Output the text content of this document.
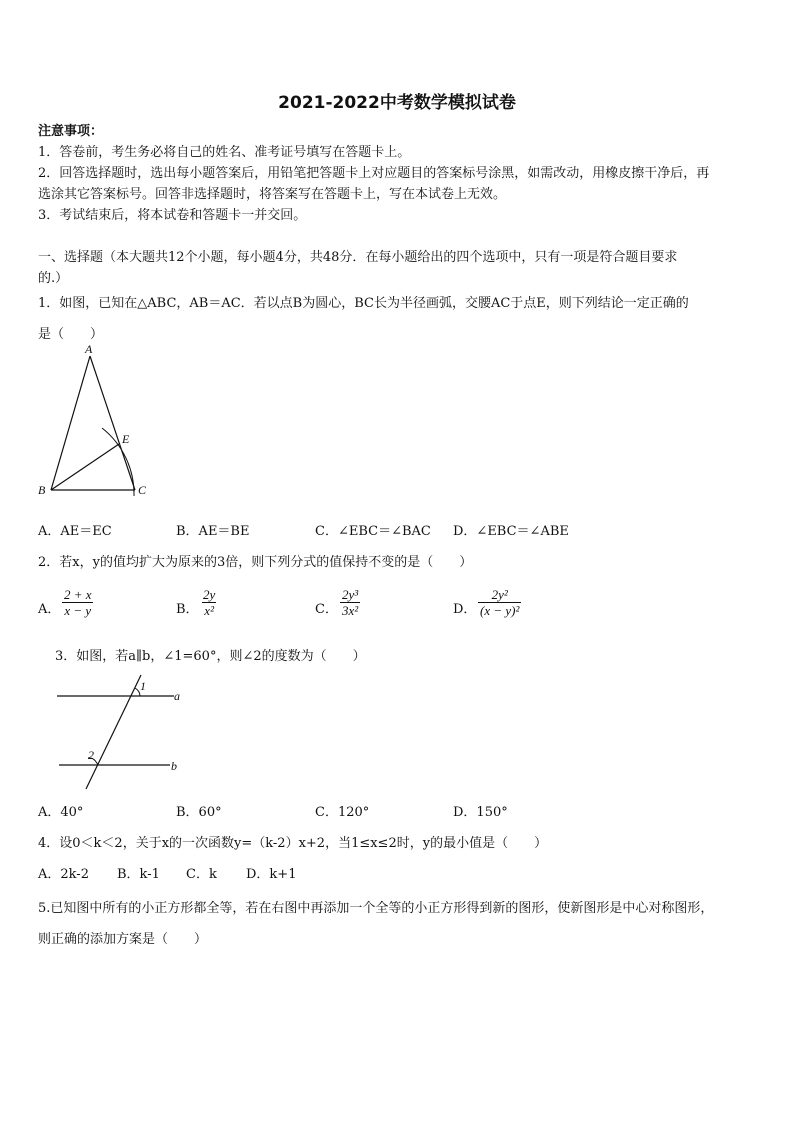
2021-2022中考数学模拟试卷
注意事项：
1．答卷前，考生务必将自己的姓名、准考证号填写在答题卡上。
2．回答选择题时，选出每小题答案后，用铅笔把答题卡上对应题目的答案标号涂黑，如需改动，用橡皮擦干净后，再
选涂其它答案标号。回答非选择题时，将答案写在答题卡上，写在本试卷上无效。
3．考试结束后，将本试卷和答题卡一并交回。
一、选择题（本大题共12个小题，每小题4分，共48分．在每小题给出的四个选项中，只有一项是符合题目要求
的.）
1．如图，已知在△ABC，AB＝AC．若以点B为圆心，BC长为半径画弧，交腰AC于点E，则下列结论一定正确的
是（　　）
A
B	C
E
A．AE＝EC	B．AE＝BE	C．∠EBC＝∠BAC D．∠EBC＝∠ABE
2．若x，y的值均扩大为原来的3倍，则下列分式的值保持不变的是（　　）
A． $\frac{2 + x}{x - y}$	B． $\frac{2y}{\text{x²}}$	C． $\frac{\text{2y³}}{\text{3x²}}$	D． $\frac{\text{2y²}}{\text{(x − y)²}}$
3．如图，若a∥b，∠1=60°，则∠2的度数为（　　）
1
2
a
b
A．40°	B．60°	C．120°	D．150°
4．设0＜k＜2，关于x的一次函数y=（k-2）x+2，当1≤x≤2时，y的最小值是（　　）
A．2k-2 B．k-1 C．k D．k+1
5.已知图中所有的小正方形都全等，若在右图中再添加一个全等的小正方形得到新的图形，使新图形是中心对称图形，
则正确的添加方案是（　　）
